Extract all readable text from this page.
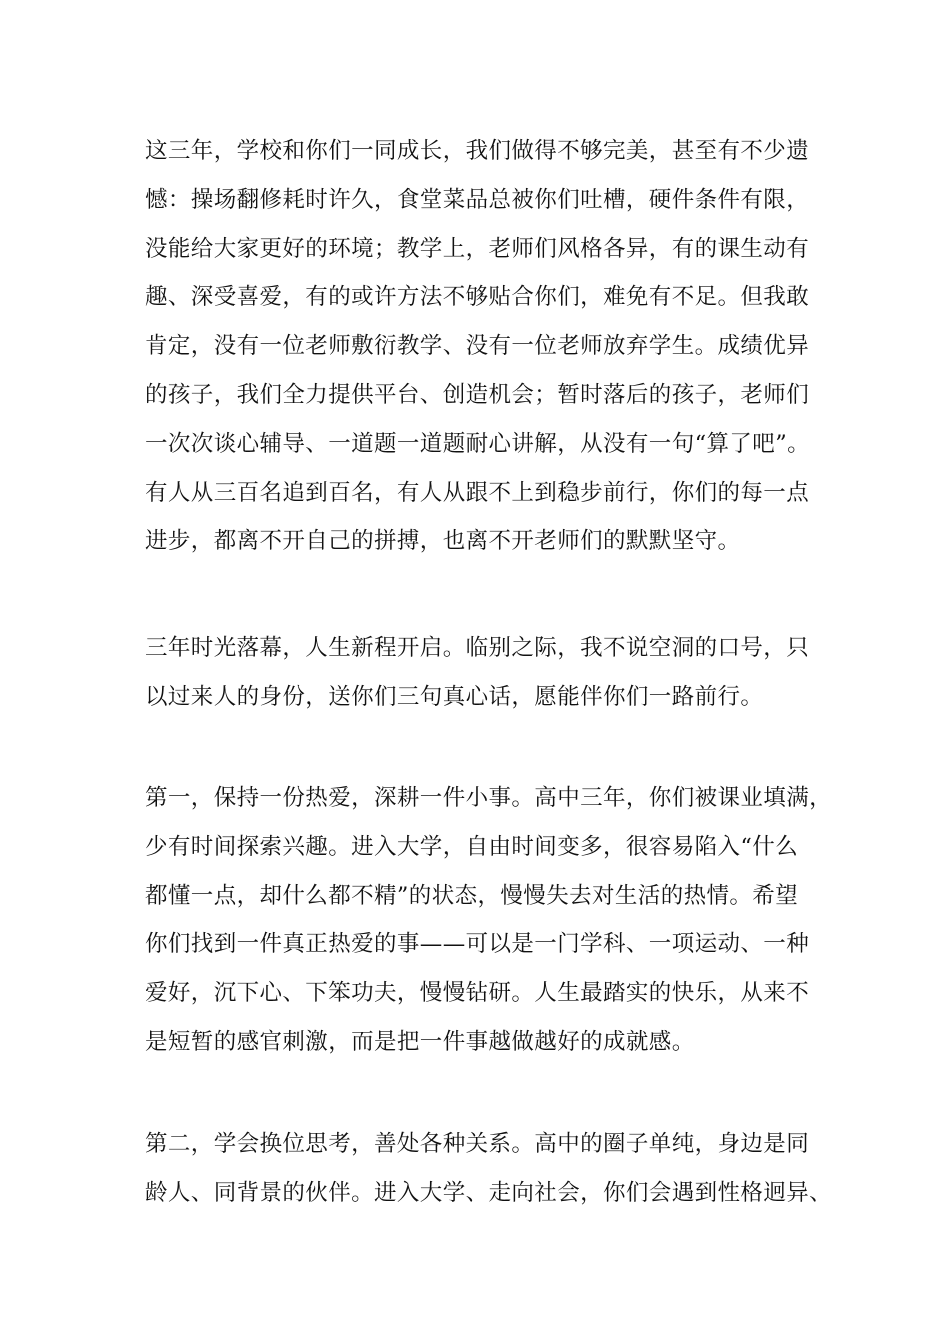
这三年，学校和你们一同成长，我们做得不够完美，甚至有不少遗
憾：操场翻修耗时许久，食堂菜品总被你们吐槽，硬件条件有限，
没能给大家更好的环境；教学上，老师们风格各异，有的课生动有
趣、深受喜爱，有的或许方法不够贴合你们，难免有不足。但我敢
肯定，没有一位老师敷衍教学、没有一位老师放弃学生。成绩优异
的孩子，我们全力提供平台、创造机会；暂时落后的孩子，老师们
一次次谈心辅导、一道题一道题耐心讲解，从没有一句“算了吧”。
有人从三百名追到百名，有人从跟不上到稳步前行，你们的每一点
进步，都离不开自己的拼搏，也离不开老师们的默默坚守。
三年时光落幕，人生新程开启。临别之际，我不说空洞的口号，只
以过来人的身份，送你们三句真心话，愿能伴你们一路前行。
第一，保持一份热爱，深耕一件小事。高中三年，你们被课业填满，
少有时间探索兴趣。进入大学，自由时间变多，很容易陷入“什么
都懂一点，却什么都不精”的状态，慢慢失去对生活的热情。希望
你们找到一件真正热爱的事——可以是一门学科、一项运动、一种
爱好，沉下心、下笨功夫，慢慢钻研。人生最踏实的快乐，从来不
是短暂的感官刺激，而是把一件事越做越好的成就感。
第二，学会换位思考，善处各种关系。高中的圈子单纯，身边是同
龄人、同背景的伙伴。进入大学、走向社会，你们会遇到性格迥异、
